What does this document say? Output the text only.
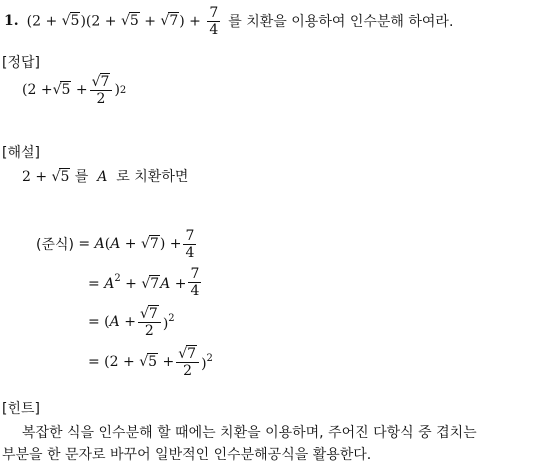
1. $(2 + √5)(2 + √5 + √7) + \frac{7}{4}$ 를 치환을 이용하여 인수분해 하여라.
[정답]
($2 + √5 + \frac{√7}{2}$ ) 2
[해설]
2 + √5 를  A  로 치환하면
(준식) = $A(A + √7) + \frac{7}{4}$
= $A^2 + √7A + \frac{7}{4}$
= $(A + \frac{√7}{2} )^2$
= $(2 + √5 + \frac{√7}{2} )^2$
[힌트]
복잡한 식을 인수분해 할 때에는 치환을 이용하며, 주어진 다항식 중 겹치는
부분을 한 문자로 바꾸어 일반적인 인수분해공식을 활용한다.
